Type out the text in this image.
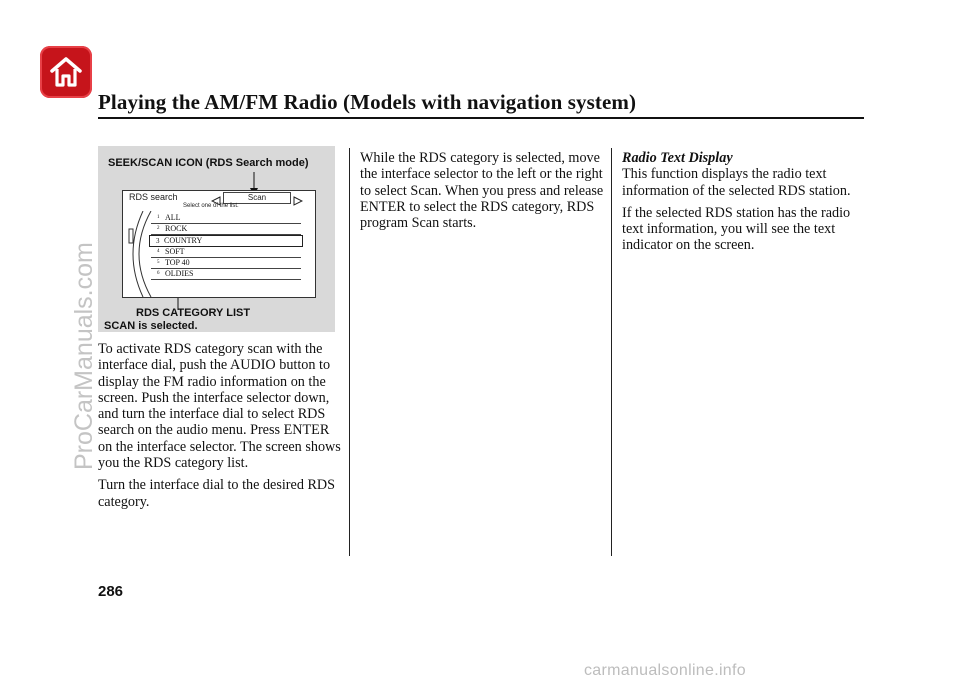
Playing the AM/FM Radio (Models with navigation system)
SEEK/SCAN ICON (RDS Search mode)
RDS search	Scan
Select one of the list.
1 ALL
2 ROCK
3 COUNTRY
4 SOFT
5 TOP 40
6 OLDIES
RDS CATEGORY LIST
SCAN is selected.

To activate RDS category scan with the interface dial, push the AUDIO button to display the FM radio information on the screen. Push the interface selector down, and turn the interface dial to select RDS search on the audio menu. Press ENTER on the interface selector. The screen shows you the RDS category list.

Turn the interface dial to the desired RDS category.

While the RDS category is selected, move the interface selector to the left or the right to select Scan. When you press and release ENTER to select the RDS category, RDS program Scan starts.

Radio Text Display

This function displays the radio text information of the selected RDS station.

If the selected RDS station has the radio text information, you will see the text indicator on the screen.

ProCarManuals.com
286
carmanualsonline.info
